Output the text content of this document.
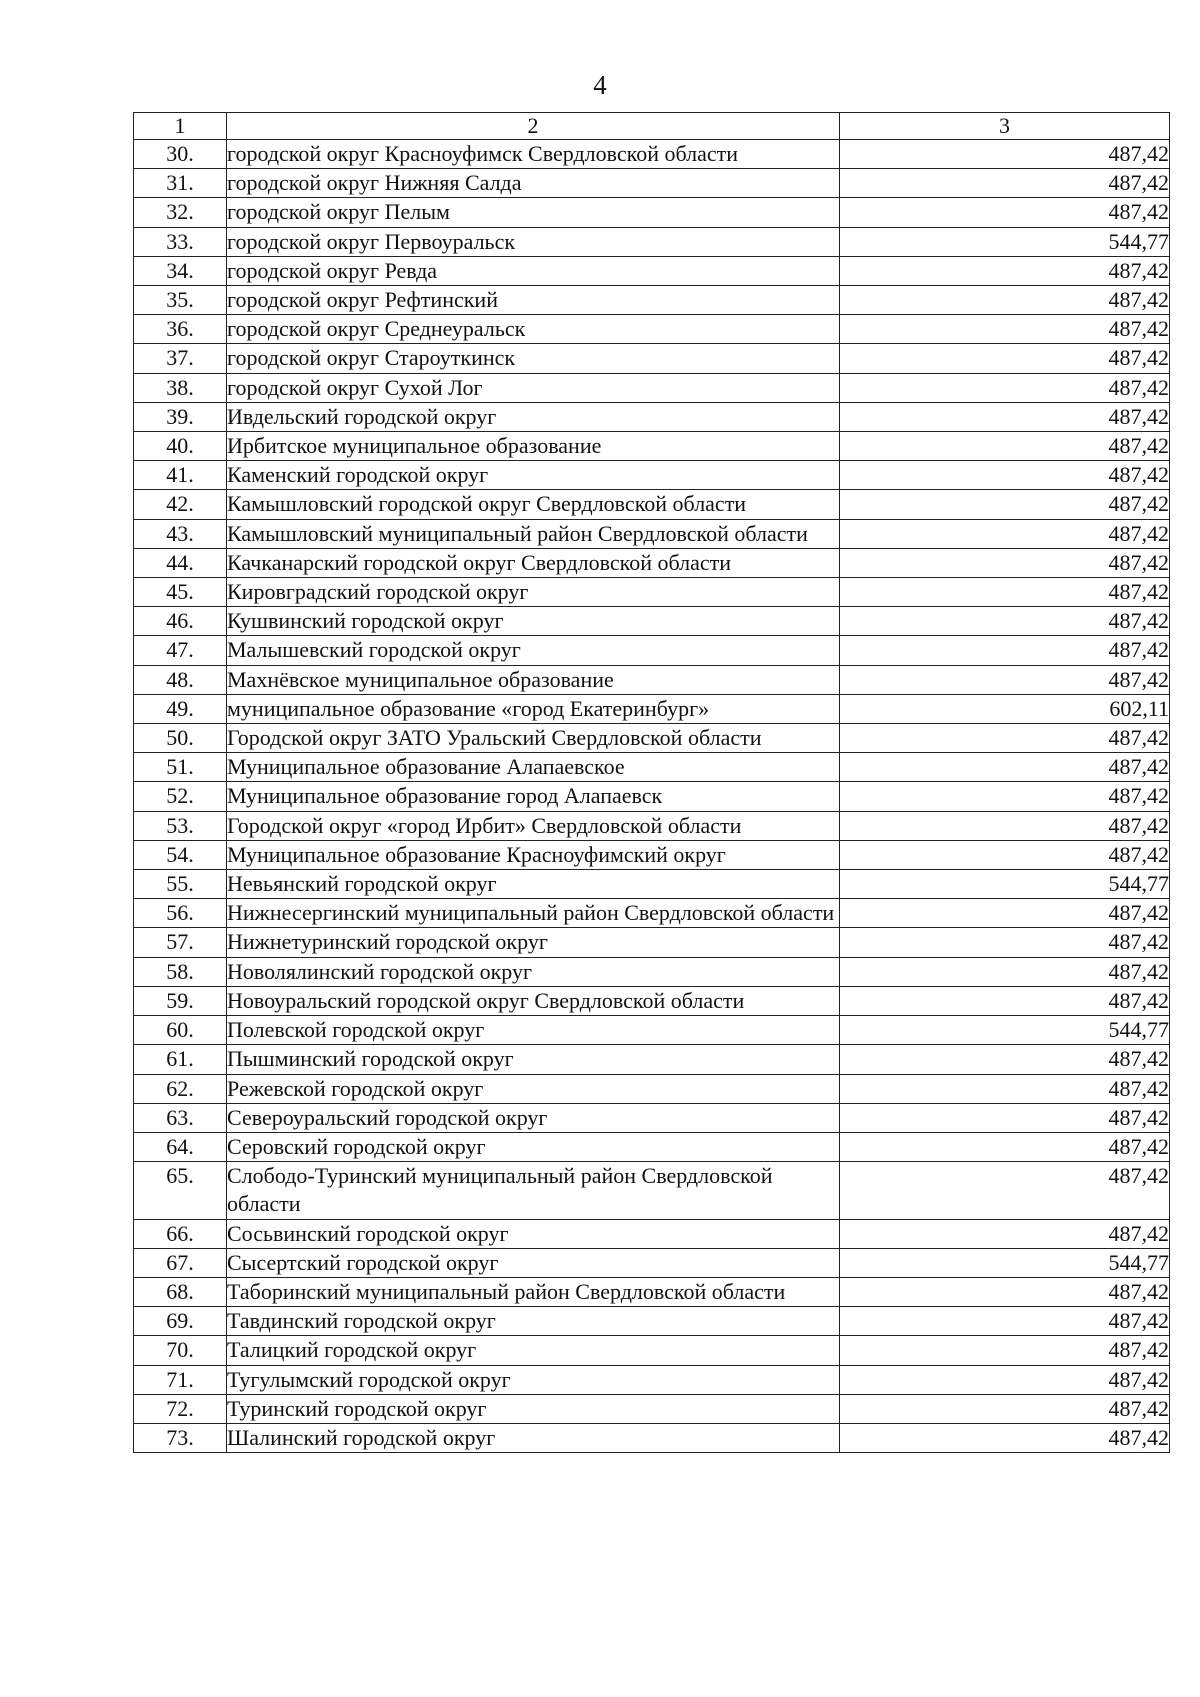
4
1	2	3
30.	городской округ Красноуфимск Свердловской области	487,42
31.	городской округ Нижняя Салда	487,42
32.	городской округ Пелым	487,42
33.	городской округ Первоуральск	544,77
34.	городской округ Ревда	487,42
35.	городской округ Рефтинский	487,42
36.	городской округ Среднеуральск	487,42
37.	городской округ Староуткинск	487,42
38.	городской округ Сухой Лог	487,42
39.	Ивдельский городской округ	487,42
40.	Ирбитское муниципальное образование	487,42
41.	Каменский городской округ	487,42
42.	Камышловский городской округ Свердловской области	487,42
43.	Камышловский муниципальный район Свердловской области	487,42
44.	Качканарский городской округ Свердловской области	487,42
45.	Кировградский городской округ	487,42
46.	Кушвинский городской округ	487,42
47.	Малышевский городской округ	487,42
48.	Махнёвское муниципальное образование	487,42
49.	муниципальное образование «город Екатеринбург»	602,11
50.	Городской округ ЗАТО Уральский Свердловской области	487,42
51.	Муниципальное образование Алапаевское	487,42
52.	Муниципальное образование город Алапаевск	487,42
53.	Городской округ «город Ирбит» Свердловской области	487,42
54.	Муниципальное образование Красноуфимский округ	487,42
55.	Невьянский городской округ	544,77
56.	Нижнесергинский муниципальный район Свердловской области	487,42
57.	Нижнетуринский городской округ	487,42
58.	Новолялинский городской округ	487,42
59.	Новоуральский городской округ Свердловской области	487,42
60.	Полевской городской округ	544,77
61.	Пышминский городской округ	487,42
62.	Режевской городской округ	487,42
63.	Североуральский городской округ	487,42
64.	Серовский городской округ	487,42
65.	Слободо-Туринский муниципальный район Свердловской области	487,42
66.	Сосьвинский городской округ	487,42
67.	Сысертский городской округ	544,77
68.	Таборинский муниципальный район Свердловской области	487,42
69.	Тавдинский городской округ	487,42
70.	Талицкий городской округ	487,42
71.	Тугулымский городской округ	487,42
72.	Туринский городской округ	487,42
73.	Шалинский городской округ	487,42
